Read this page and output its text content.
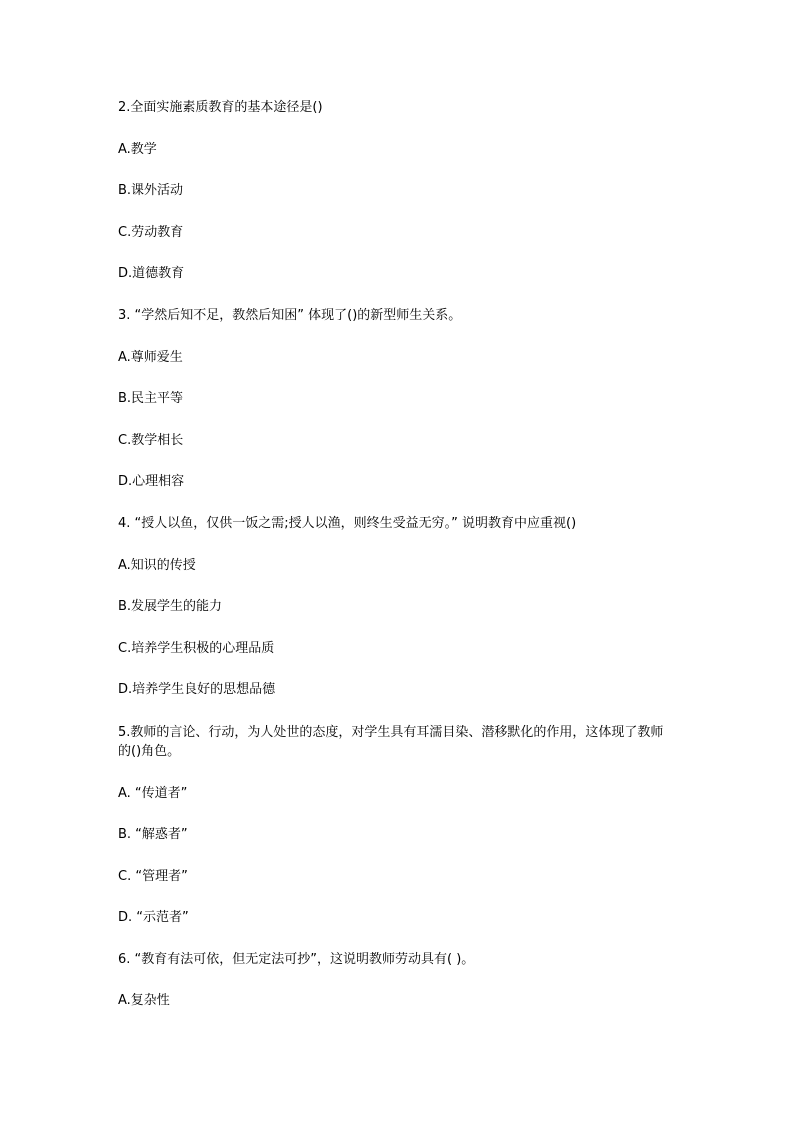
2.全面实施素质教育的基本途径是()

A.教学

B.课外活动

C.劳动教育

D.道德教育

3. “学然后知不足，教然后知困” 体现了()的新型师生关系。

A.尊师爱生

B.民主平等

C.教学相长

D.心理相容

4. “授人以鱼，仅供一饭之需;授人以渔，则终生受益无穷。” 说明教育中应重视()

A.知识的传授

B.发展学生的能力

C.培养学生积极的心理品质

D.培养学生良好的思想品德

5.教师的言论、行动，为人处世的态度，对学生具有耳濡目染、潜移默化的作用，这体现了教师的()角色。

A. “传道者”

B. “解惑者”

C. “管理者”

D. “示范者”

6. “教育有法可依，但无定法可抄”，这说明教师劳动具有( )。

A.复杂性
